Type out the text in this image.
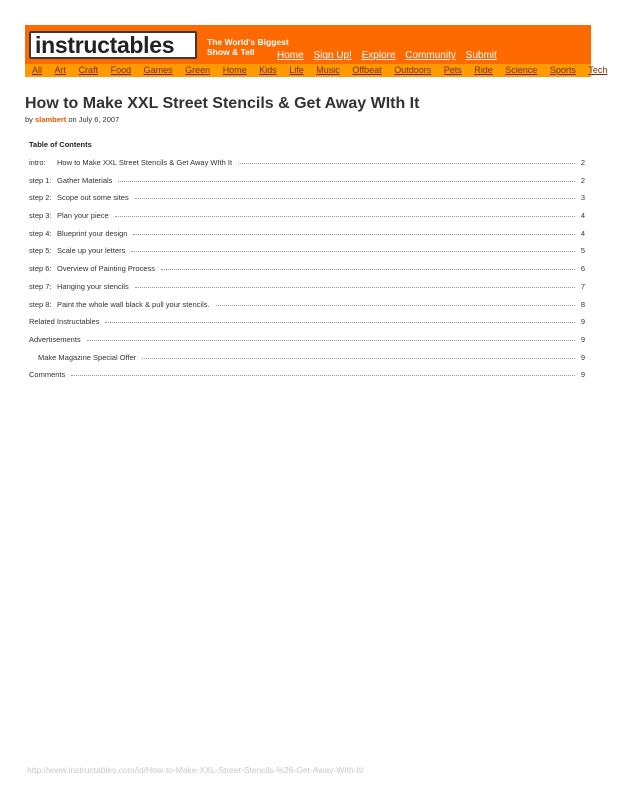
instructables	The World's Biggest
Show & Tell	Home Sign Up! Explore Community Submit
All Art Craft Food Games Green Home Kids Life Music Offbeat Outdoors Pets Ride Science Sports Tech
How to Make XXL Street Stencils & Get Away WIth It
by slambert on July 6, 2007
Table of Contents
intro: How to Make XXL Street Stencils & Get Away WIth It	2
step 1: Gather Materials	2
step 2: Scope out some sites	3
step 3: Plan your piece	4
step 4: Blueprint your design	4
step 5: Scale up your letters	5
step 6: Overview of Painting Process	6
step 7: Hanging your stencils	7
step 8: Paint the whole wall black & pull your stencils.	8
Related Instructables	9
Advertisements	9
Make Magazine Special Offer	9
Comments	9
http://www.instructables.com/id/How-to-Make-XXL-Street-Stencils-%26-Get-Away-WIth-It/
